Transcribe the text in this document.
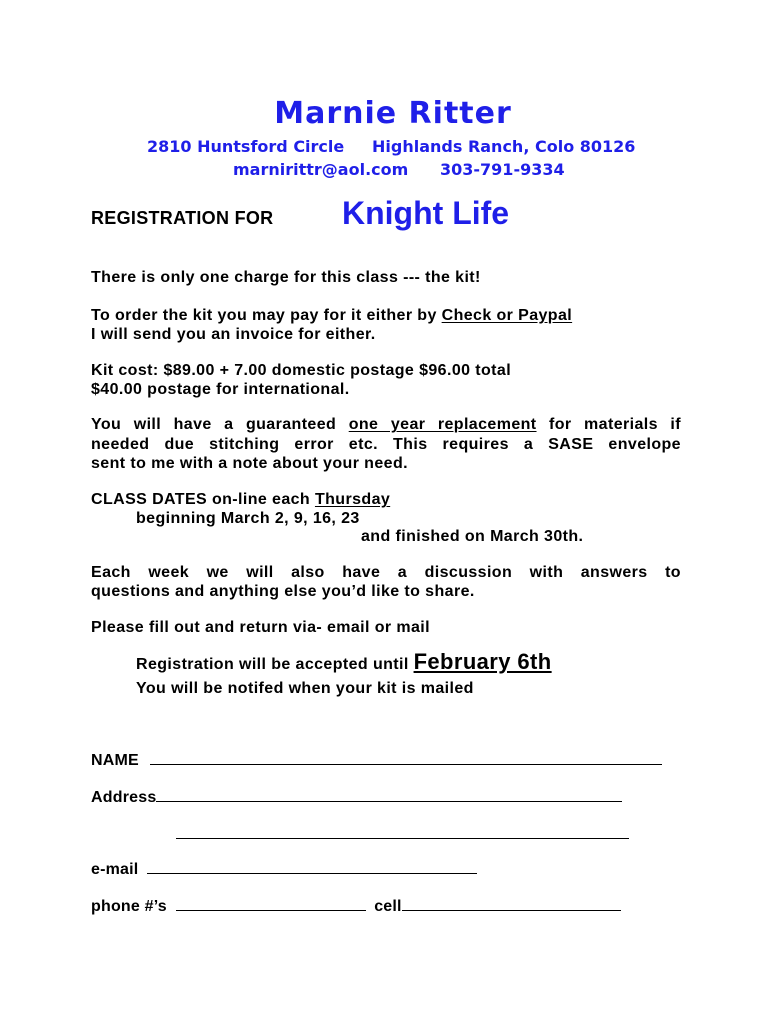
Marnie Ritter
2810 Huntsford Circle Highlands Ranch, Colo 80126
marnirittr@aol.com 303-791-9334
REGISTRATION FOR Knight Life
There is only one charge for this class --- the kit!
To order the kit you may pay for it either by Check or Paypal
I will send you an invoice for either.
Kit cost: $89.00 + 7.00 domestic postage $96.00 total
$40.00 postage for international.
You will have a guaranteed one year replacement for materials if
needed due stitching error etc. This requires a SASE envelope
sent to me with a note about your need.
CLASS DATES on-line each Thursday
beginning March 2, 9, 16, 23
and finished on March 30th.
Each week we will also have a discussion with answers to
questions and anything else you’d like to share.
Please fill out and return via- email or mail
Registration will be accepted until February 6th
You will be notifed when your kit is mailed
NAME
Address
e-mail
phone #’s	cell
